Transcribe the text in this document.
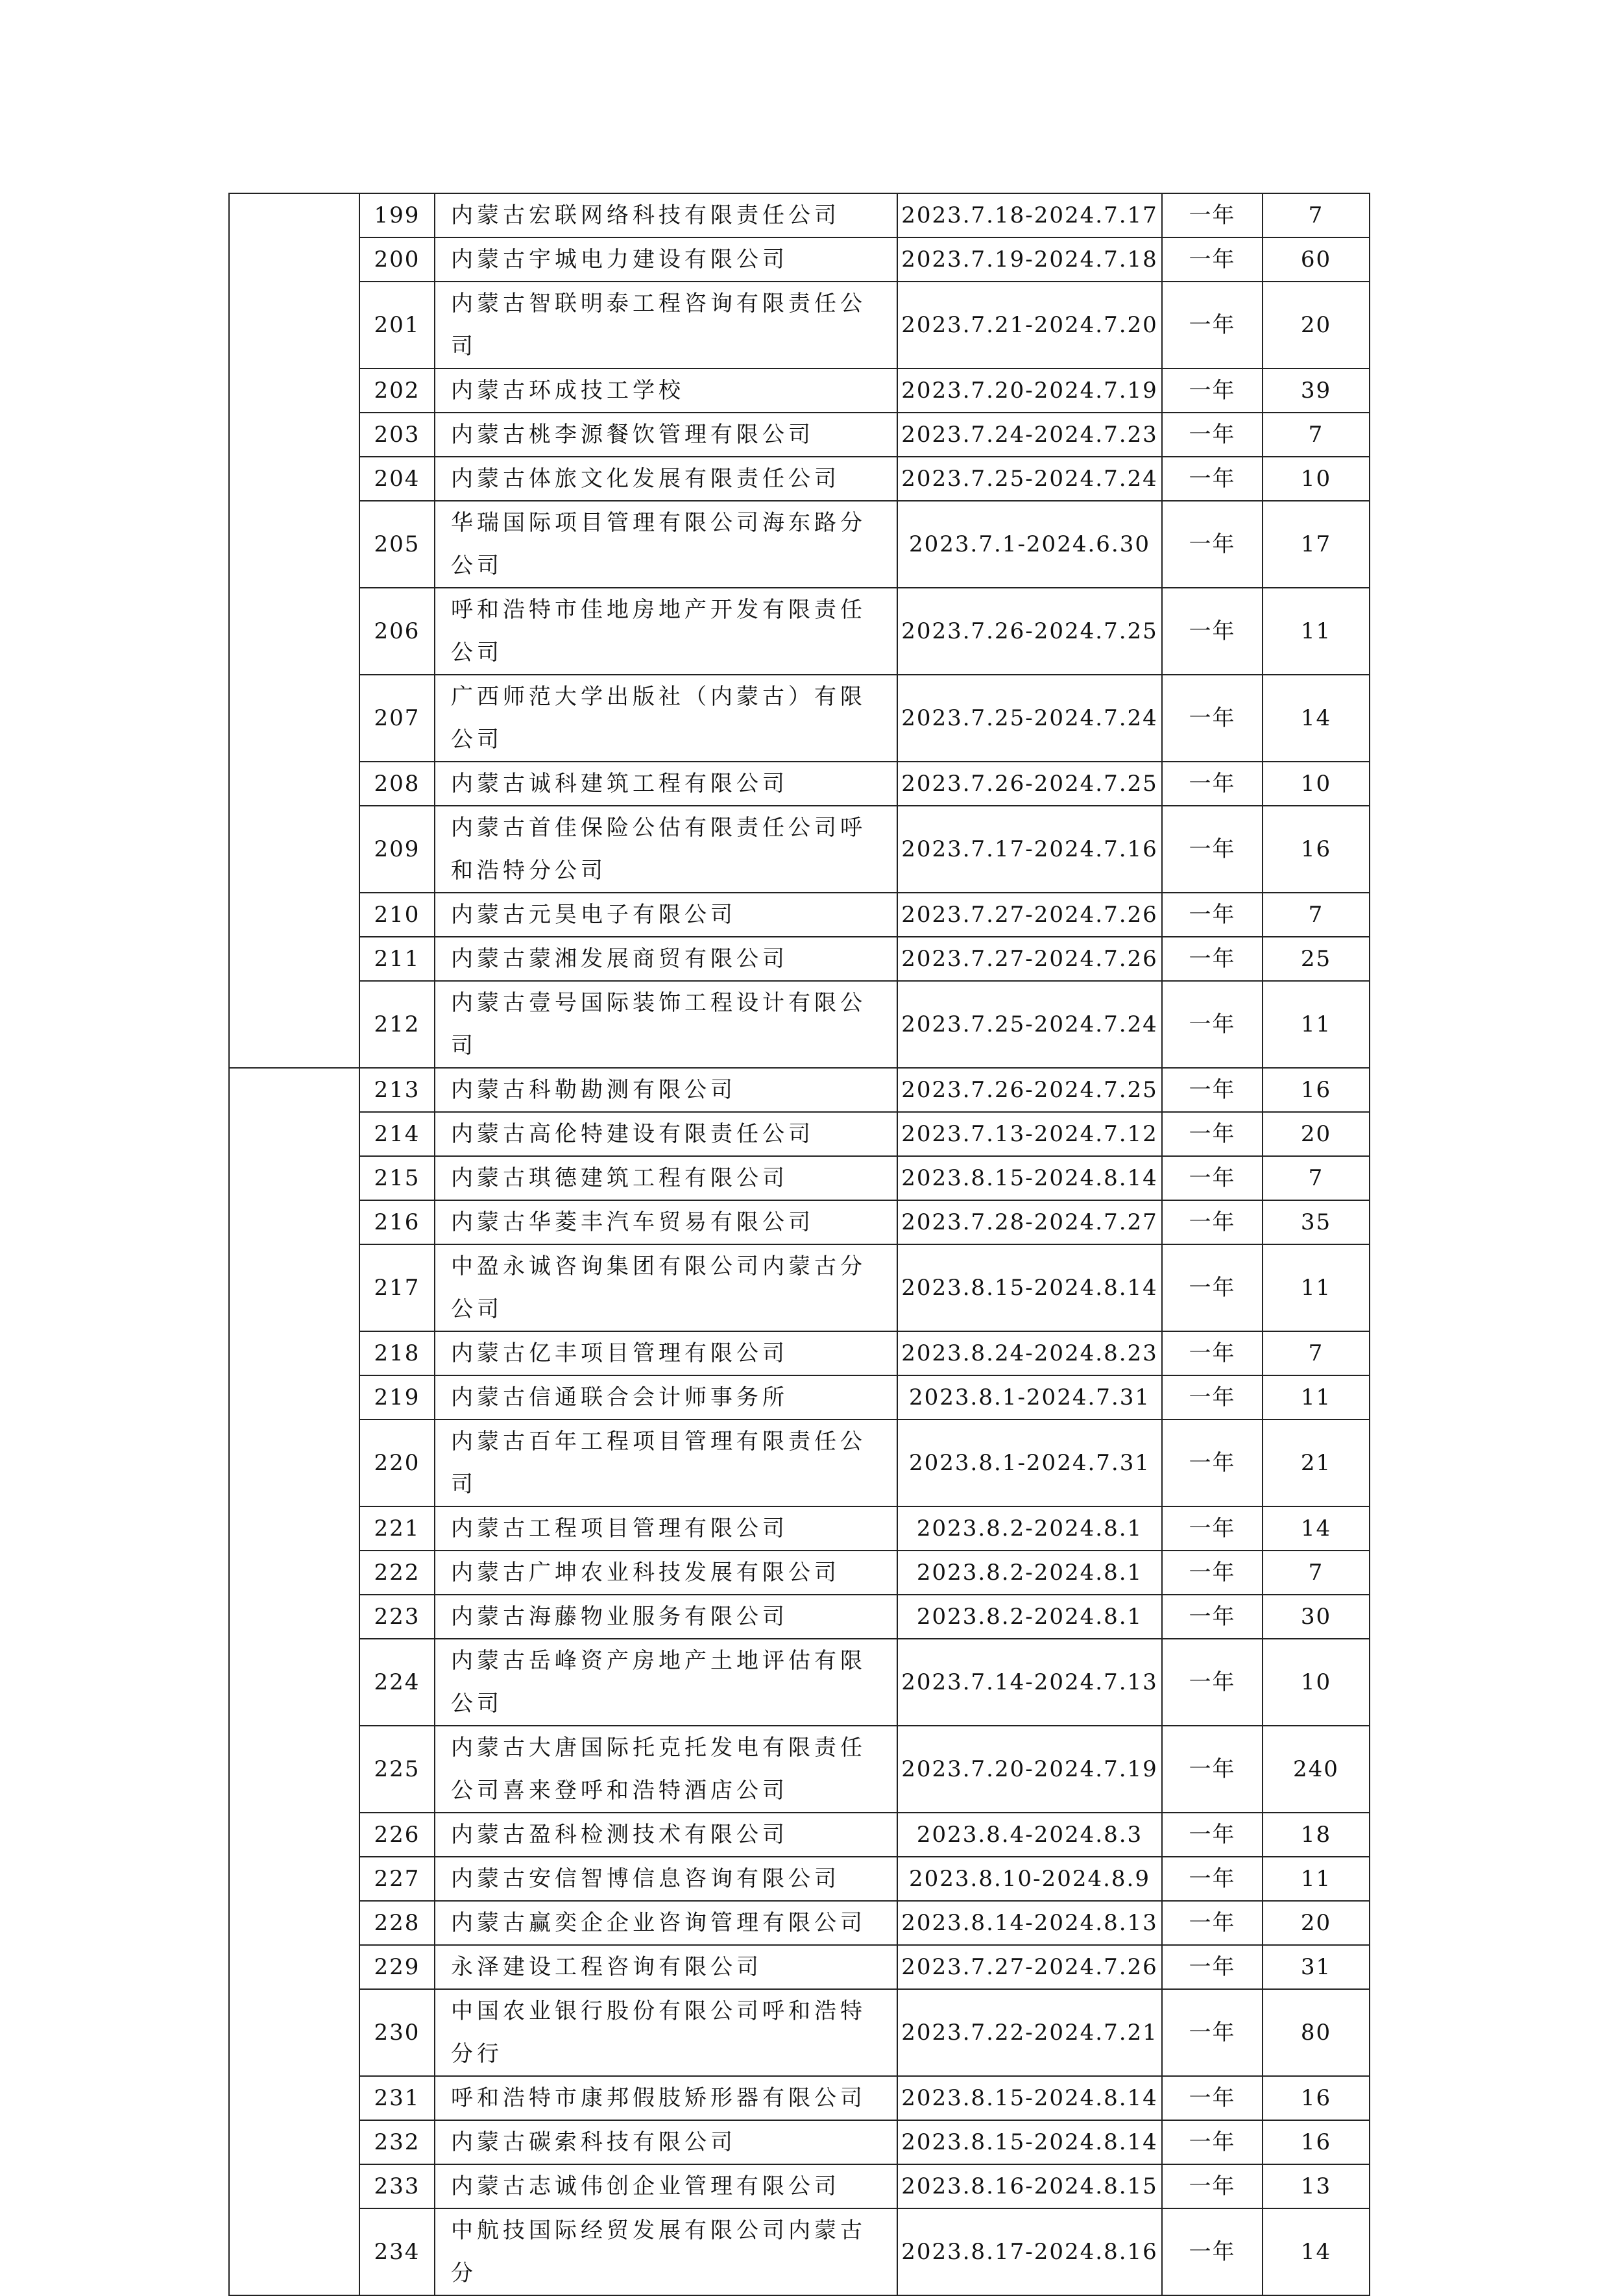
	199	内蒙古宏联网络科技有限责任公司	2023.7.18-2024.7.17	一年	7
	200	内蒙古宇城电力建设有限公司	2023.7.19-2024.7.18	一年	60
	201	内蒙古智联明泰工程咨询有限责任公司	2023.7.21-2024.7.20	一年	20
	202	内蒙古环成技工学校	2023.7.20-2024.7.19	一年	39
	203	内蒙古桃李源餐饮管理有限公司	2023.7.24-2024.7.23	一年	7
	204	内蒙古体旅文化发展有限责任公司	2023.7.25-2024.7.24	一年	10
	205	华瑞国际项目管理有限公司海东路分公司	2023.7.1-2024.6.30	一年	17
	206	呼和浩特市佳地房地产开发有限责任公司	2023.7.26-2024.7.25	一年	11
	207	广西师范大学出版社（内蒙古）有限公司	2023.7.25-2024.7.24	一年	14
	208	内蒙古诚科建筑工程有限公司	2023.7.26-2024.7.25	一年	10
	209	内蒙古首佳保险公估有限责任公司呼和浩特分公司	2023.7.17-2024.7.16	一年	16
	210	内蒙古元昊电子有限公司	2023.7.27-2024.7.26	一年	7
	211	内蒙古蒙湘发展商贸有限公司	2023.7.27-2024.7.26	一年	25
	212	内蒙古壹号国际装饰工程设计有限公司	2023.7.25-2024.7.24	一年	11
	213	内蒙古科勒勘测有限公司	2023.7.26-2024.7.25	一年	16
	214	内蒙古高伦特建设有限责任公司	2023.7.13-2024.7.12	一年	20
	215	内蒙古琪德建筑工程有限公司	2023.8.15-2024.8.14	一年	7
	216	内蒙古华菱丰汽车贸易有限公司	2023.7.28-2024.7.27	一年	35
	217	中盈永诚咨询集团有限公司内蒙古分公司	2023.8.15-2024.8.14	一年	11
	218	内蒙古亿丰项目管理有限公司	2023.8.24-2024.8.23	一年	7
	219	内蒙古信通联合会计师事务所	2023.8.1-2024.7.31	一年	11
	220	内蒙古百年工程项目管理有限责任公司	2023.8.1-2024.7.31	一年	21
	221	内蒙古工程项目管理有限公司	2023.8.2-2024.8.1	一年	14
	222	内蒙古广坤农业科技发展有限公司	2023.8.2-2024.8.1	一年	7
	223	内蒙古海藤物业服务有限公司	2023.8.2-2024.8.1	一年	30
	224	内蒙古岳峰资产房地产土地评估有限公司	2023.7.14-2024.7.13	一年	10
	225	内蒙古大唐国际托克托发电有限责任公司喜来登呼和浩特酒店公司	2023.7.20-2024.7.19	一年	240
	226	内蒙古盈科检测技术有限公司	2023.8.4-2024.8.3	一年	18
	227	内蒙古安信智博信息咨询有限公司	2023.8.10-2024.8.9	一年	11
	228	内蒙古赢奕企企业咨询管理有限公司	2023.8.14-2024.8.13	一年	20
	229	永泽建设工程咨询有限公司	2023.7.27-2024.7.26	一年	31
	230	中国农业银行股份有限公司呼和浩特分行	2023.7.22-2024.7.21	一年	80
	231	呼和浩特市康邦假肢矫形器有限公司	2023.8.15-2024.8.14	一年	16
	232	内蒙古碳索科技有限公司	2023.8.15-2024.8.14	一年	16
	233	内蒙古志诚伟创企业管理有限公司	2023.8.16-2024.8.15	一年	13
	234	中航技国际经贸发展有限公司内蒙古分	2023.8.17-2024.8.16	一年	14
